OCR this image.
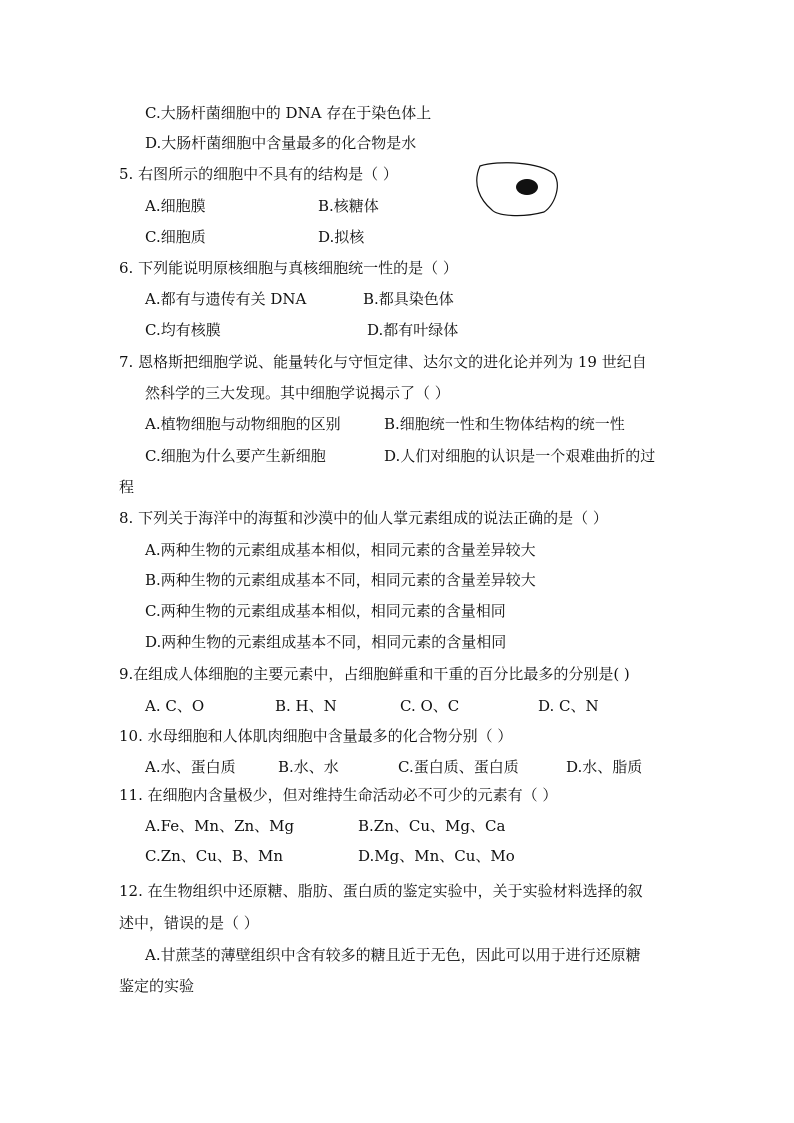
C.大肠杆菌细胞中的 DNA 存在于染色体上
D.大肠杆菌细胞中含量最多的化合物是水
5. 右图所示的细胞中不具有的结构是（ ）
A.细胞膜	B.核糖体
C.细胞质	D.拟核
6. 下列能说明原核细胞与真核细胞统一性的是（ ）
A.都有与遗传有关 DNA	B.都具染色体
C.均有核膜	D.都有叶绿体
7. 恩格斯把细胞学说、能量转化与守恒定律、达尔文的进化论并列为 19 世纪自
然科学的三大发现。其中细胞学说揭示了（ ）
A.植物细胞与动物细胞的区别	B.细胞统一性和生物体结构的统一性
C.细胞为什么要产生新细胞	D.人们对细胞的认识是一个艰难曲折的过
程
8. 下列关于海洋中的海蜇和沙漠中的仙人掌元素组成的说法正确的是（ ）
A.两种生物的元素组成基本相似，相同元素的含量差异较大
B.两种生物的元素组成基本不同，相同元素的含量差异较大
C.两种生物的元素组成基本相似，相同元素的含量相同
D.两种生物的元素组成基本不同，相同元素的含量相同
9.在组成人体细胞的主要元素中，占细胞鲜重和干重的百分比最多的分别是( )
A. C、O	B. H、N	C. O、C	D. C、N
10. 水母细胞和人体肌肉细胞中含量最多的化合物分别（ ）
A.水、蛋白质	B.水、水	C.蛋白质、蛋白质	D.水、脂质
11. 在细胞内含量极少，但对维持生命活动必不可少的元素有（ ）
A.Fe、Mn、Zn、Mg	B.Zn、Cu、Mg、Ca
C.Zn、Cu、B、Mn	D.Mg、Mn、Cu、Mo
12. 在生物组织中还原糖、脂肪、蛋白质的鉴定实验中，关于实验材料选择的叙
述中，错误的是（ ）
A.甘蔗茎的薄壁组织中含有较多的糖且近于无色，因此可以用于进行还原糖
鉴定的实验
